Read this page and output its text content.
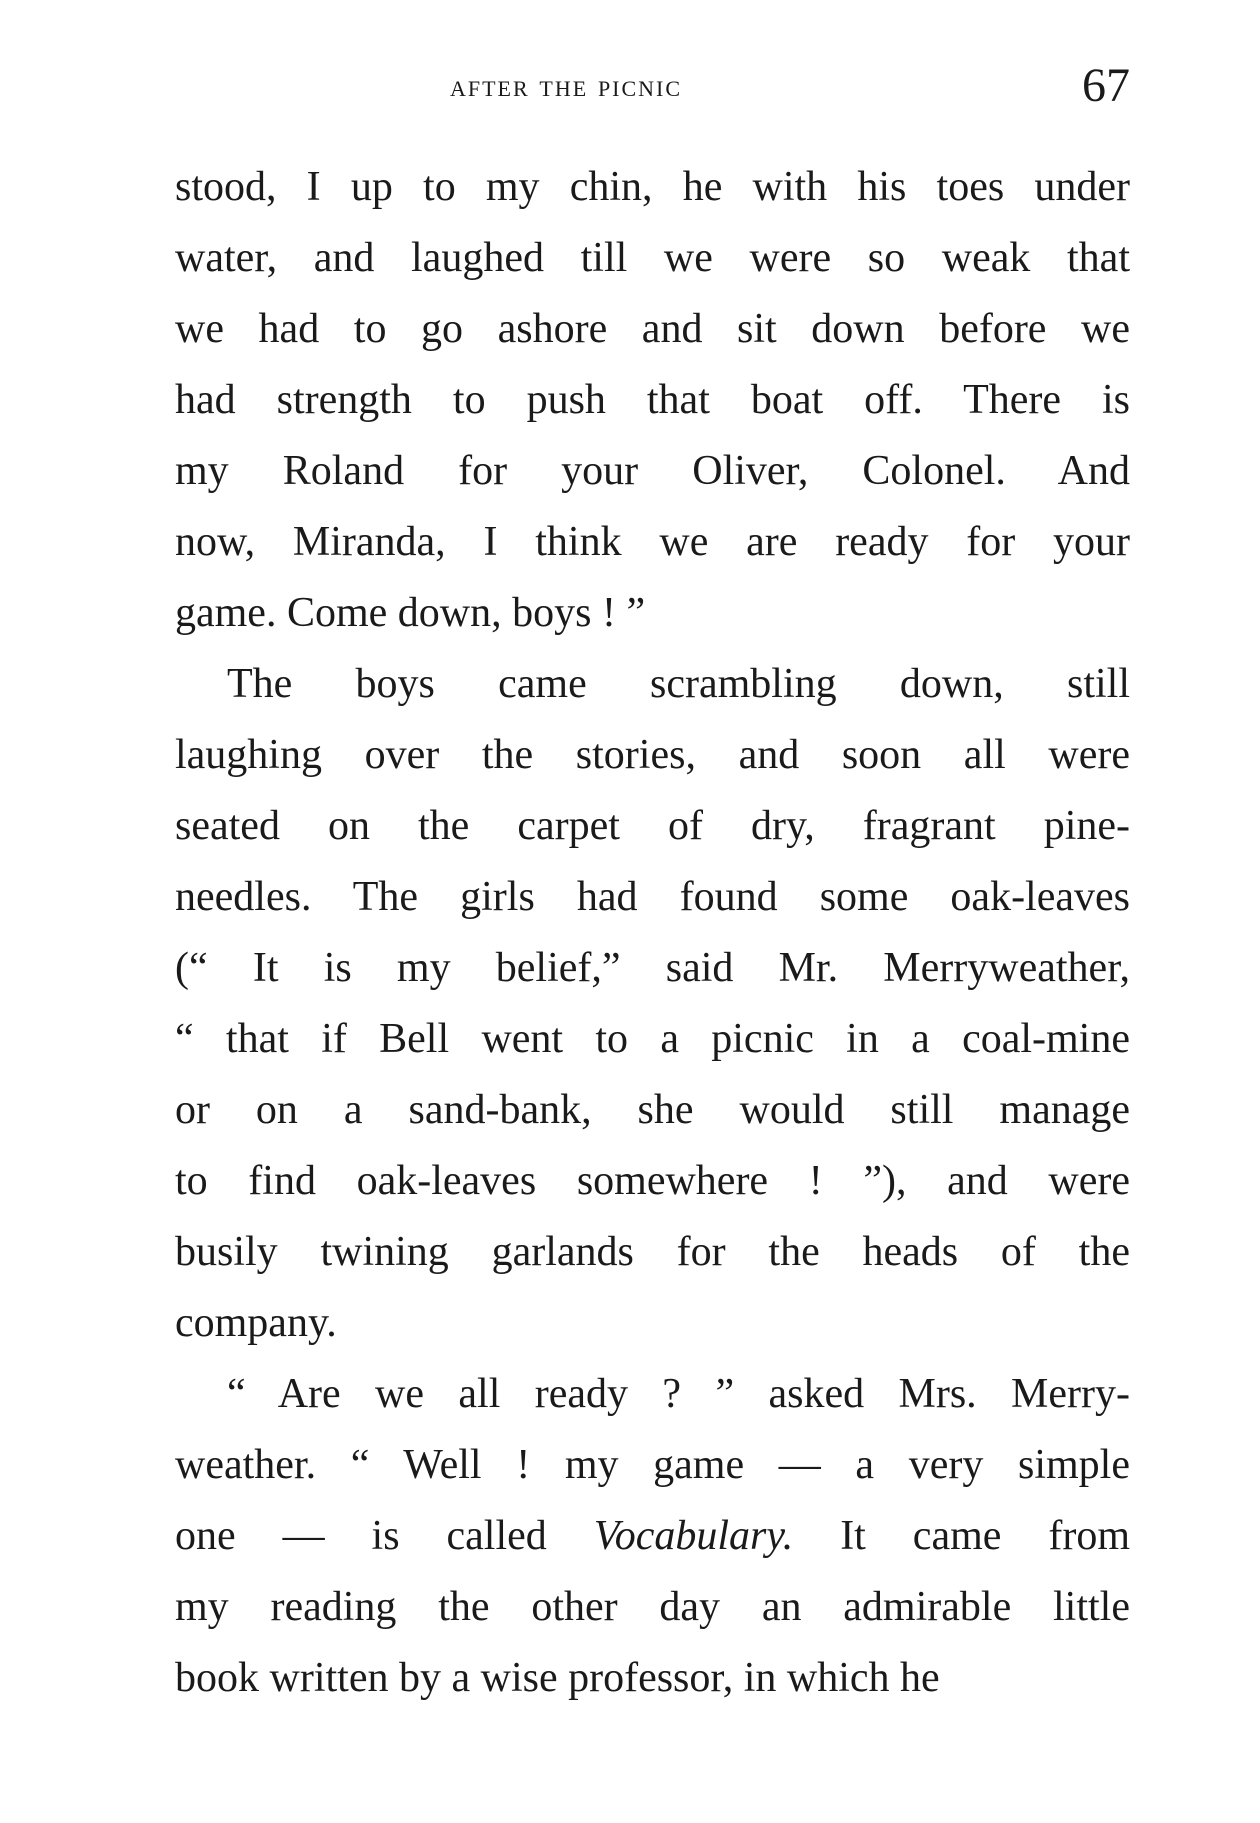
after the picnic	67
stood, I up to my chin, he with his toes under
water, and laughed till we were so weak that
we had to go ashore and sit down before we
had strength to push that boat off. There is
my Roland for your Oliver, Colonel. And
now, Miranda, I think we are ready for your
game. Come down, boys ! ”
The boys came scrambling down, still
laughing over the stories, and soon all were
seated on the carpet of dry, fragrant pine-
needles. The girls had found some oak-leaves
(“ It is my belief,” said Mr. Merryweather,
“ that if Bell went to a picnic in a coal-mine
or on a sand-bank, she would still manage
to find oak-leaves somewhere ! ”), and were
busily twining garlands for the heads of the
company.
“ Are we all ready ? ” asked Mrs. Merry-
weather. “ Well ! my game — a very simple
one — is called Vocabulary. It came from
my reading the other day an admirable little
book written by a wise professor, in which he
